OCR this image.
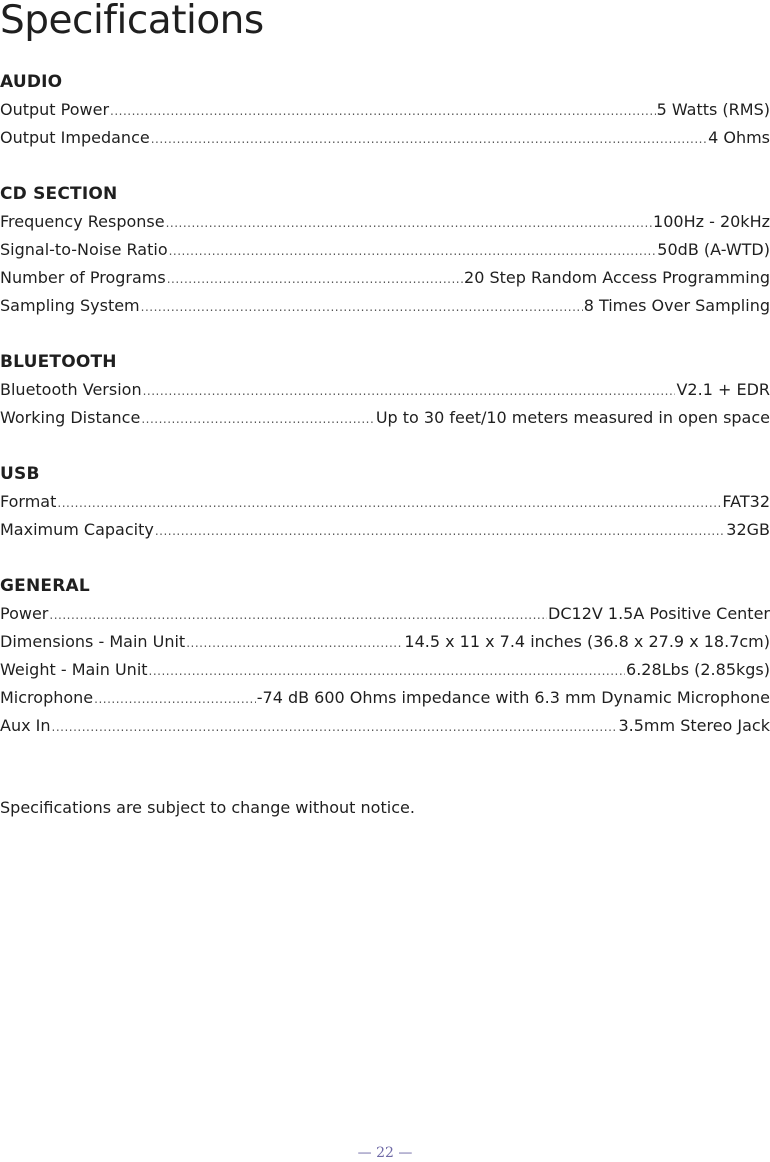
Specifications
AUDIO
Output Power .....	5 Watts (RMS)
Output Impedance .....	4 Ohms
CD SECTION
Frequency Response .....	100Hz - 20kHz
Signal-to-Noise Ratio .....	50dB (A-WTD)
Number of Programs .....	20 Step Random Access Programming
Sampling System .....	8 Times Over Sampling
BLUETOOTH
Bluetooth Version .....	V2.1 + EDR
Working Distance .....	Up to 30 feet/10 meters measured in open space
USB
Format .....	FAT32
Maximum Capacity .....	32GB
GENERAL
Power .....	DC12V 1.5A Positive Center
Dimensions - Main Unit .....	14.5 x 11 x 7.4 inches (36.8 x 27.9 x 18.7cm)
Weight - Main Unit .....	6.28Lbs (2.85kgs)
Microphone .....	-74 dB 600 Ohms impedance with 6.3 mm Dynamic Microphone
Aux In .....	3.5mm Stereo Jack
Specifications are subject to change without notice.
— 22 —
